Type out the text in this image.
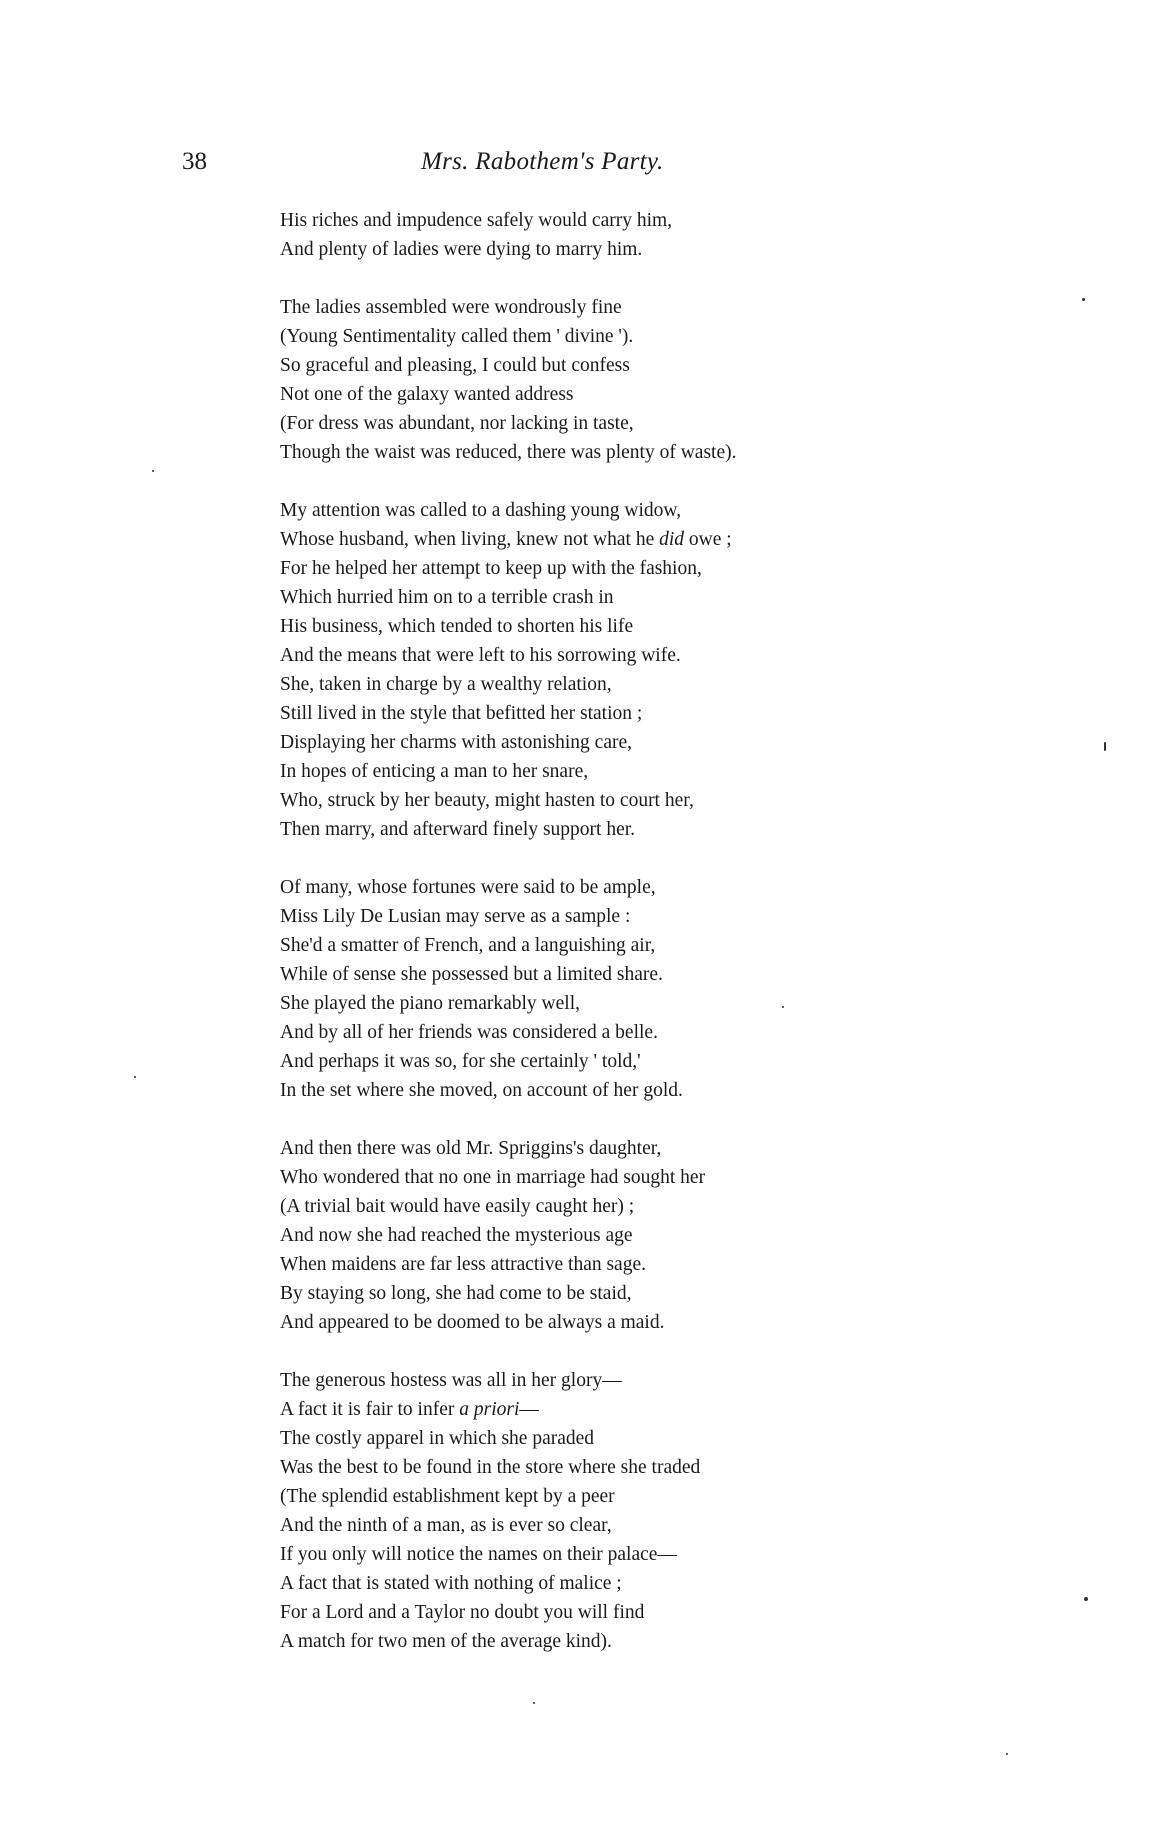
38	Mrs. Rabothem's Party.
His riches and impudence safely would carry him,
And plenty of ladies were dying to marry him.
The ladies assembled were wondrously fine
(Young Sentimentality called them ' divine ').
So graceful and pleasing, I could but confess
Not one of the galaxy wanted address
(For dress was abundant, nor lacking in taste,
Though the waist was reduced, there was plenty of waste).
My attention was called to a dashing young widow,
Whose husband, when living, knew not what he did owe ;
For he helped her attempt to keep up with the fashion,
Which hurried him on to a terrible crash in
His business, which tended to shorten his life
And the means that were left to his sorrowing wife.
She, taken in charge by a wealthy relation,
Still lived in the style that befitted her station ;
Displaying her charms with astonishing care,
In hopes of enticing a man to her snare,
Who, struck by her beauty, might hasten to court her,
Then marry, and afterward finely support her.
Of many, whose fortunes were said to be ample,
Miss Lily De Lusian may serve as a sample :
She'd a smatter of French, and a languishing air,
While of sense she possessed but a limited share.
She played the piano remarkably well,
And by all of her friends was considered a belle.
And perhaps it was so, for she certainly ' told,'
In the set where she moved, on account of her gold.
And then there was old Mr. Spriggins's daughter,
Who wondered that no one in marriage had sought her
(A trivial bait would have easily caught her) ;
And now she had reached the mysterious age
When maidens are far less attractive than sage.
By staying so long, she had come to be staid,
And appeared to be doomed to be always a maid.
The generous hostess was all in her glory—
A fact it is fair to infer a priori—
The costly apparel in which she paraded
Was the best to be found in the store where she traded
(The splendid establishment kept by a peer
And the ninth of a man, as is ever so clear,
If you only will notice the names on their palace—
A fact that is stated with nothing of malice ;
For a Lord and a Taylor no doubt you will find
A match for two men of the average kind).
